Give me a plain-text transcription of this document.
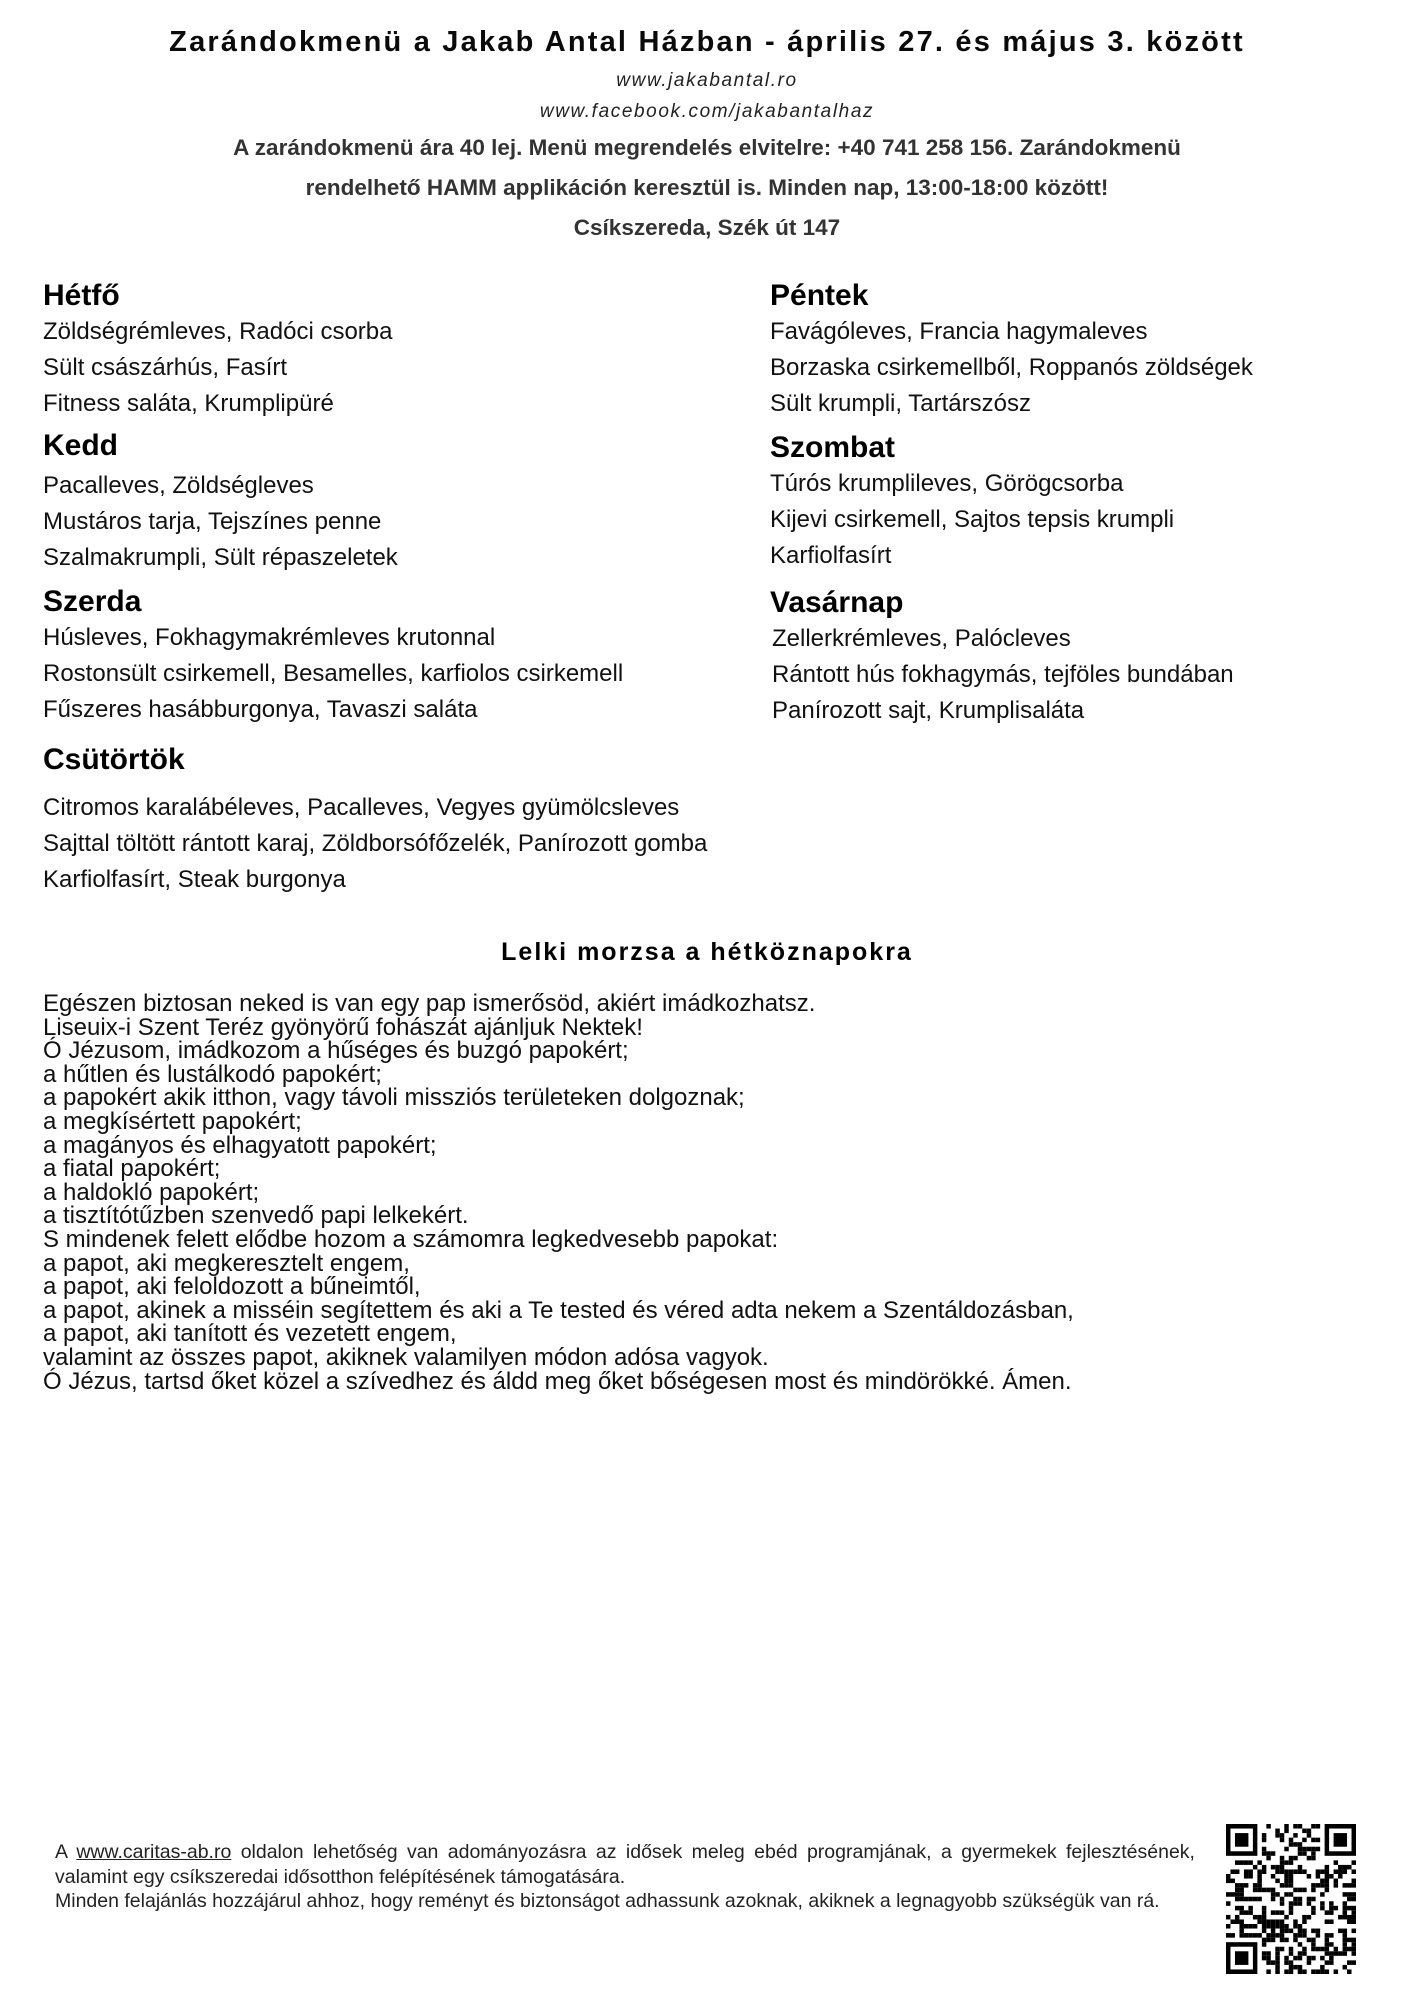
Zarándokmenü a Jakab Antal Házban - április 27. és május 3. között
www.jakabantal.ro
www.facebook.com/jakabantalhaz
A zarándokmenü ára 40 lej. Menü megrendelés elvitelre: +40 741 258 156. Zarándokmenü
rendelhető HAMM applikáción keresztül is. Minden nap, 13:00-18:00 között!
Csíkszereda, Szék út 147
Hétfő
Zöldségrémleves, Radóci csorba
Sült császárhús, Fasírt
Fitness saláta, Krumplipüré
Kedd
Pacalleves, Zöldségleves
Mustáros tarja, Tejszínes penne
Szalmakrumpli, Sült répaszeletek
Szerda
Húsleves, Fokhagymakrémleves krutonnal
Rostonsült csirkemell, Besamelles, karfiolos csirkemell
Fűszeres hasábburgonya, Tavaszi saláta
Csütörtök
Citromos karalábéleves, Pacalleves, Vegyes gyümölcsleves
Sajttal töltött rántott karaj, Zöldborsófőzelék, Panírozott gomba
Karfiolfasírt, Steak burgonya
Péntek
Favágóleves, Francia hagymaleves
Borzaska csirkemellből, Roppanós zöldségek
Sült krumpli, Tartárszósz
Szombat
Túrós krumplileves, Görögcsorba
Kijevi csirkemell, Sajtos tepsis krumpli
Karfiolfasírt
Vasárnap
Zellerkrémleves, Palócleves
Rántott hús fokhagymás, tejföles bundában
Panírozott sajt, Krumplisaláta
Lelki morzsa a hétköznapokra
Egészen biztosan neked is van egy pap ismerősöd, akiért imádkozhatsz.
Liseuix-i Szent Teréz gyönyörű fohászát ajánljuk Nektek!
Ó Jézusom, imádkozom a hűséges és buzgó papokért;
a hűtlen és lustálkodó papokért;
a papokért akik itthon, vagy távoli missziós területeken dolgoznak;
a megkísértett papokért;
a magányos és elhagyatott papokért;
a fiatal papokért;
a haldokló papokért;
a tisztítótűzben szenvedő papi lelkekért.
S mindenek felett elődbe hozom a számomra legkedvesebb papokat:
a papot, aki megkeresztelt engem,
a papot, aki feloldozott a bűneimtől,
a papot, akinek a misséin segítettem és aki a Te tested és véred adta nekem a Szentáldozásban,
a papot, aki tanított és vezetett engem,
valamint az összes papot, akiknek valamilyen módon adósa vagyok.
Ó Jézus, tartsd őket közel a szívedhez és áldd meg őket bőségesen most és mindörökké. Ámen.
A www.caritas-ab.ro oldalon lehetőség van adományozásra az idősek meleg ebéd programjának, a gyermekek fejlesztésének, valamint egy csíkszeredai idősotthon felépítésének támogatására.
Minden felajánlás hozzájárul ahhoz, hogy reményt és biztonságot adhassunk azoknak, akiknek a legnagyobb szükségük van rá.
